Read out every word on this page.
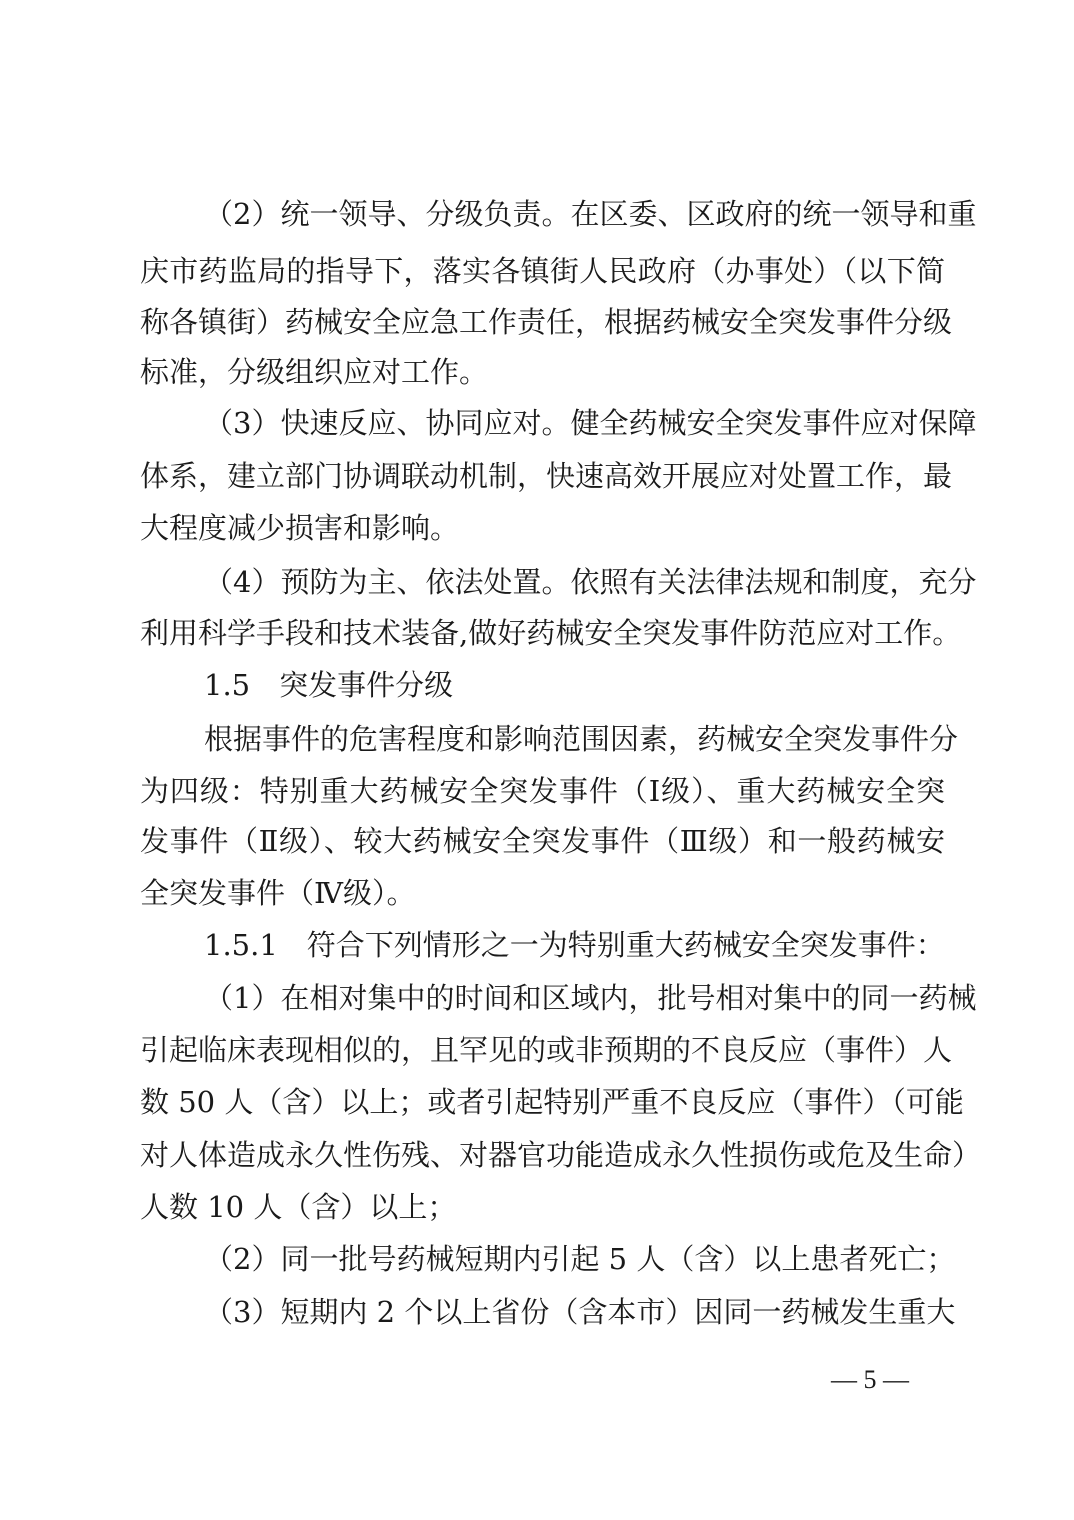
（2）统一领导、分级负责。在区委、区政府的统一领导和重
庆市药监局的指导下，落实各镇街人民政府（办事处）（以下简
称各镇街）药械安全应急工作责任，根据药械安全突发事件分级
标准，分级组织应对工作。
（3）快速反应、协同应对。健全药械安全突发事件应对保障
体系，建立部门协调联动机制，快速高效开展应对处置工作，最
大程度减少损害和影响。
（4）预防为主、依法处置。依照有关法律法规和制度，充分
利用科学手段和技术装备,做好药械安全突发事件防范应对工作。
1.5　突发事件分级
根据事件的危害程度和影响范围因素，药械安全突发事件分
为四级：特别重大药械安全突发事件（Ⅰ级）、重大药械安全突
发事件（Ⅱ级）、较大药械安全突发事件（Ⅲ级）和一般药械安
全突发事件（Ⅳ级）。
1.5.1　符合下列情形之一为特别重大药械安全突发事件：
（1）在相对集中的时间和区域内，批号相对集中的同一药械
引起临床表现相似的，且罕见的或非预期的不良反应（事件）人
数 50 人（含）以上；或者引起特别严重不良反应（事件）（可能
对人体造成永久性伤残、对器官功能造成永久性损伤或危及生命）
人数 10 人（含）以上；
（2）同一批号药械短期内引起 5 人（含）以上患者死亡；
（3）短期内 2 个以上省份（含本市）因同一药械发生重大
— 5 —
